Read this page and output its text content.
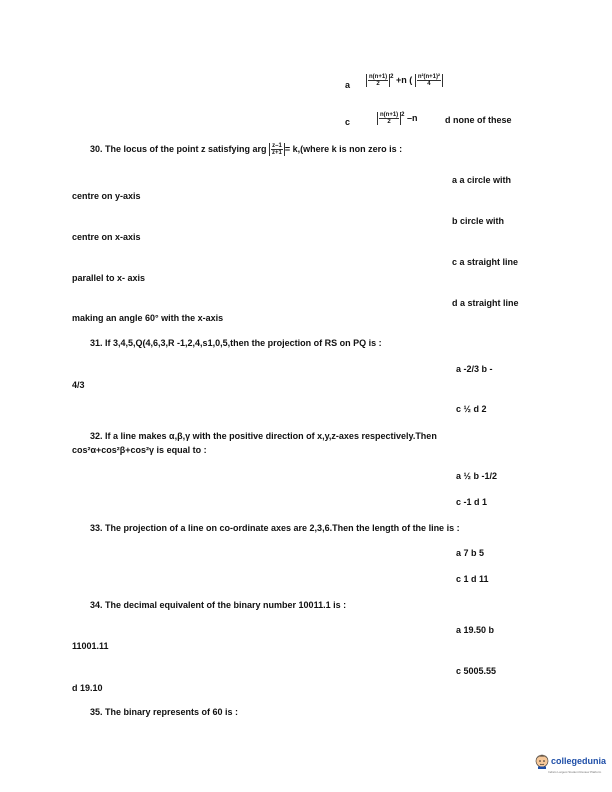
a	$\frac{n(n+1)}{2} ^2 +n$ ( $\frac{\text{n²(n+1)²}}{4}$
c	$\frac{n(n+1)}{2} ^2$ –n	d none of these
30. The locus of the point z satisfying arg $\frac{z-1}{z+1}$ = k,(where k is non zero is :
a a circle with
centre on y-axis
b circle with
centre on x-axis
c a straight line
parallel to x- axis
d a straight line
making an angle 60° with the x-axis
31. If 3,4,5,Q(4,6,3,R -1,2,4,s1,0,5,then the projection of RS on PQ is :
a -2/3 b -
4/3
c ½ d 2
32. If a line makes α,β,γ with the positive direction of x,y,z-axes respectively.Then
cos²α+cos²β+cos²γ is equal to :
a ½ b -1/2
c -1 d 1
33. The projection of a line on co-ordinate axes are 2,3,6.Then the length of the line is :
a 7 b 5
c 1 d 11
34. The decimal equivalent of the binary number 10011.1 is :
a 19.50 b
11001.11
c 5005.55
d 19.10
35. The binary represents of 60 is :
collegedunia
India's Largest Student Review Platform
